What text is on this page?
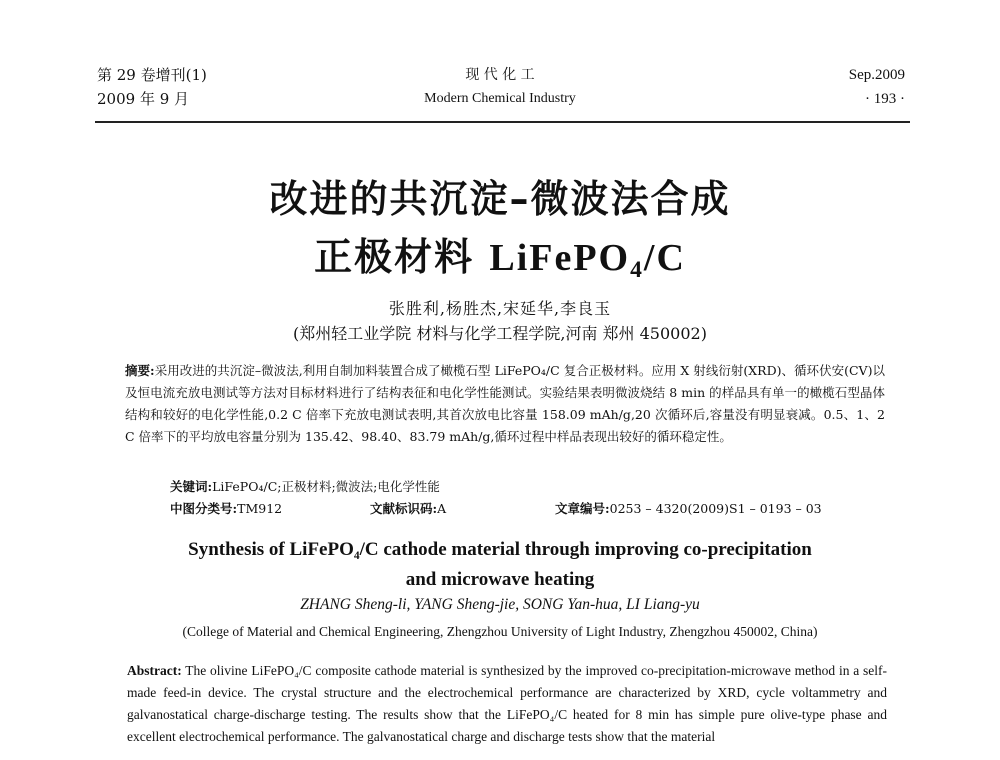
第 29 卷增刊(1)
2009 年 9 月
现 代 化 工
Modern Chemical Industry
Sep.2009
· 193 ·
改进的共沉淀–微波法合成
正极材料 LiFePO$_4$/C
张胜利,杨胜杰,宋延华,李良玉
(郑州轻工业学院 材料与化学工程学院,河南 郑州 450002)
摘要:采用改进的共沉淀–微波法,利用自制加料装置合成了橄榄石型 LiFePO₄/C 复合正极材料。应用 X 射线衍射(XRD)、循环伏安(CV)以及恒电流充放电测试等方法对目标材料进行了结构表征和电化学性能测试。实验结果表明微波烧结 8 min 的样品具有单一的橄榄石型晶体结构和较好的电化学性能,0.2 C 倍率下充放电测试表明,其首次放电比容量 158.09 mAh/g,20 次循环后,容量没有明显衰减。0.5、1、2 C 倍率下的平均放电容量分别为 135.42、98.40、83.79 mAh/g,循环过程中样品表现出较好的循环稳定性。
关键词:LiFePO₄/C;正极材料;微波法;电化学性能
中图分类号:TM912	文献标识码:A	文章编号:0253 – 4320(2009)S1 – 0193 – 03
Synthesis of LiFePO₄/C cathode material through improving co-precipitation
and microwave heating
ZHANG Sheng-li, YANG Sheng-jie, SONG Yan-hua, LI Liang-yu
(College of Material and Chemical Engineering, Zhengzhou University of Light Industry, Zhengzhou 450002, China)
Abstract: The olivine LiFePO₄/C composite cathode material is synthesized by the improved co-precipitation-microwave method in a self-made feed-in device. The crystal structure and the electrochemical performance are characterized by XRD, cycle voltammetry and galvanostatical charge-discharge testing. The results show that the LiFePO₄/C heated for 8 min has simple pure olive-type phase and excellent electrochemical performance. The galvanostatical charge and discharge tests show that the material
